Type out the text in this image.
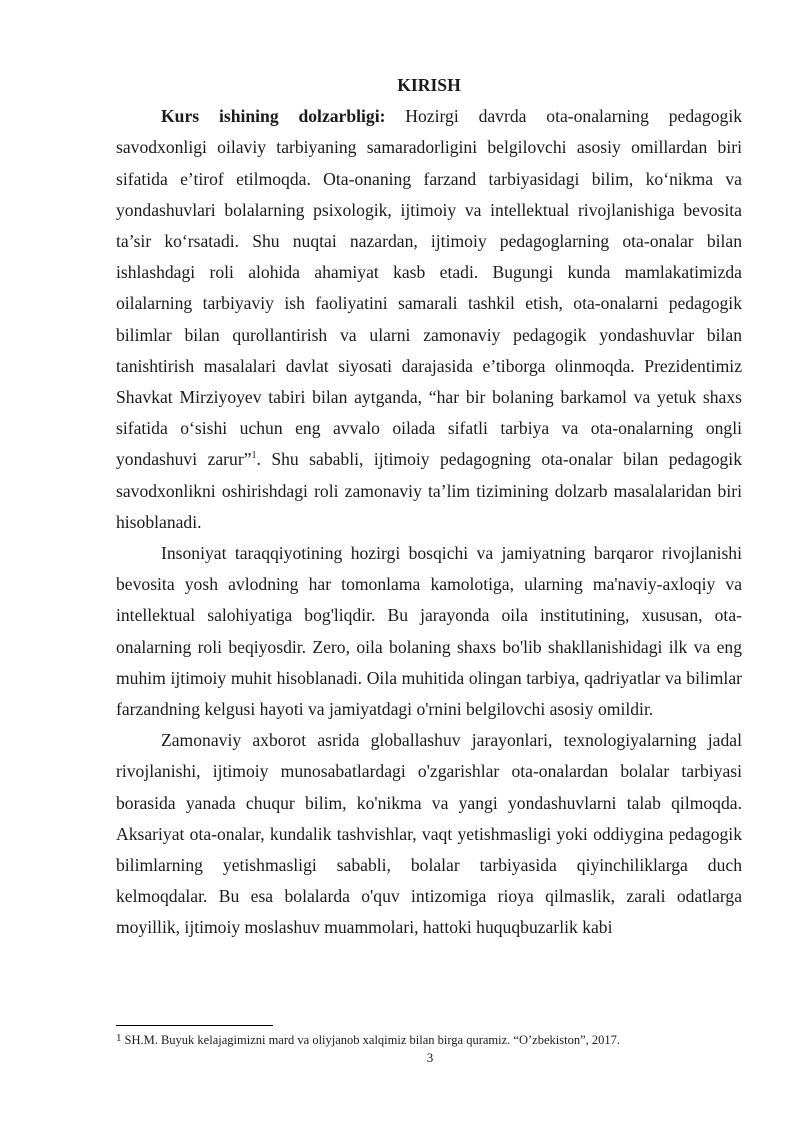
KIRISH

Kurs ishining dolzarbligi: Hozirgi davrda ota-onalarning pedagogik savodxonligi oilaviy tarbiyaning samaradorligini belgilovchi asosiy omillardan biri sifatida e’tirof etilmoqda. Ota-onaning farzand tarbiyasidagi bilim, ko‘nikma va yondashuvlari bolalarning psixologik, ijtimoiy va intellektual rivojlanishiga bevosita ta’sir ko‘rsatadi. Shu nuqtai nazardan, ijtimoiy pedagoglarning ota-onalar bilan ishlashdagi roli alohida ahamiyat kasb etadi. Bugungi kunda mamlakatimizda oilalarning tarbiyaviy ish faoliyatini samarali tashkil etish, ota-onalarni pedagogik bilimlar bilan qurollantirish va ularni zamonaviy pedagogik yondashuvlar bilan tanishtirish masalalari davlat siyosati darajasida e’tiborga olinmoqda. Prezidentimiz Shavkat Mirziyoyev tabiri bilan aytganda, “har bir bolaning barkamol va yetuk shaxs sifatida o‘sishi uchun eng avvalo oilada sifatli tarbiya va ota-onalarning ongli yondashuvi zarur”$^1$. Shu sababli, ijtimoiy pedagogning ota-onalar bilan pedagogik savodxonlikni oshirishdagi roli zamonaviy ta’lim tizimining dolzarb masalalaridan biri hisoblanadi.

Insoniyat taraqqiyotining hozirgi bosqichi va jamiyatning barqaror rivojlanishi bevosita yosh avlodning har tomonlama kamolotiga, ularning ma'naviy-axloqiy va intellektual salohiyatiga bog'liqdir. Bu jarayonda oila institutining, xususan, ota-onalarning roli beqiyosdir. Zero, oila bolaning shaxs bo'lib shakllanishidagi ilk va eng muhim ijtimoiy muhit hisoblanadi. Oila muhitida olingan tarbiya, qadriyatlar va bilimlar farzandning kelgusi hayoti va jamiyatdagi o'rnini belgilovchi asosiy omildir.

Zamonaviy axborot asrida globallashuv jarayonlari, texnologiyalarning jadal rivojlanishi, ijtimoiy munosabatlardagi o'zgarishlar ota-onalardan bolalar tarbiyasi borasida yanada chuqur bilim, ko'nikma va yangi yondashuvlarni talab qilmoqda. Aksariyat ota-onalar, kundalik tashvishlar, vaqt yetishmasligi yoki oddiygina pedagogik bilimlarning yetishmasligi sababli, bolalar tarbiyasida qiyinchiliklarga duch kelmoqdalar. Bu esa bolalarda o'quv intizomiga rioya qilmaslik, zarali odatlarga moyillik, ijtimoiy moslashuv muammolari, hattoki huquqbuzarlik kabi

$^1$ SH.M. Buyuk kelajagimizni mard va oliyjanob xalqimiz bilan birga quramiz. “O’zbekiston”, 2017.
3
